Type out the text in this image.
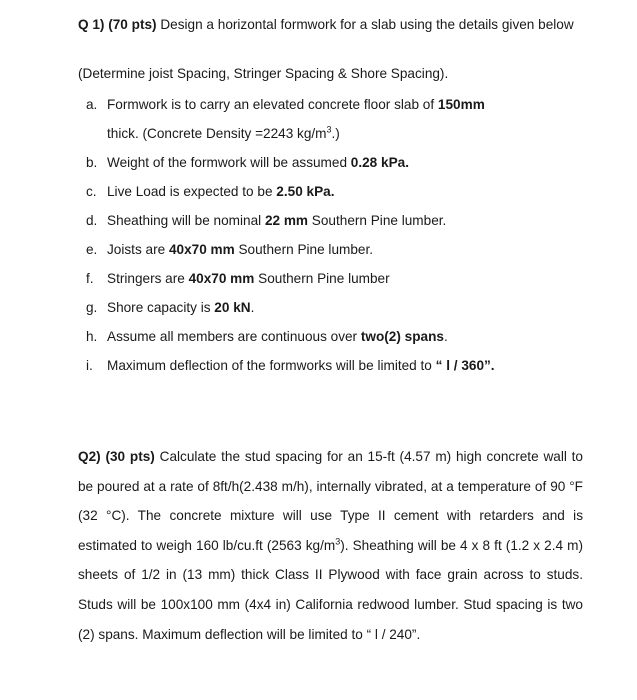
Q 1) (70 pts) Design a horizontal formwork for a slab using the details given below
(Determine joist Spacing, Stringer Spacing & Shore Spacing).
a. Formwork is to carry an elevated concrete floor slab of 150mm
thick. (Concrete Density =2243 $kg/m^3$.)
b. Weight of the formwork will be assumed 0.28 kPa.
c. Live Load is expected to be 2.50 kPa.
d. Sheathing will be nominal 22 mm Southern Pine lumber.
e. Joists are 40x70 mm Southern Pine lumber.
f. Stringers are 40x70 mm Southern Pine lumber
g. Shore capacity is 20 kN.
h. Assume all members are continuous over two(2) spans.
i. Maximum deflection of the formworks will be limited to “ l / 360”.
Q2) (30 pts) Calculate the stud spacing for an 15-ft (4.57 m) high concrete wall to be poured at a rate of 8ft/h(2.438 m/h), internally vibrated, at a temperature of 90 °F (32 °C). The concrete mixture will use Type II cement with retarders and is estimated to weigh 160 lb/cu.ft (2563 $kg/m^3$). Sheathing will be 4 x 8 ft (1.2 x 2.4 m) sheets of 1/2 in (13 mm) thick Class II Plywood with face grain across to studs. Studs will be 100x100 mm (4x4 in) California redwood lumber. Stud spacing is two (2) spans. Maximum deflection will be limited to “ l / 240”.
